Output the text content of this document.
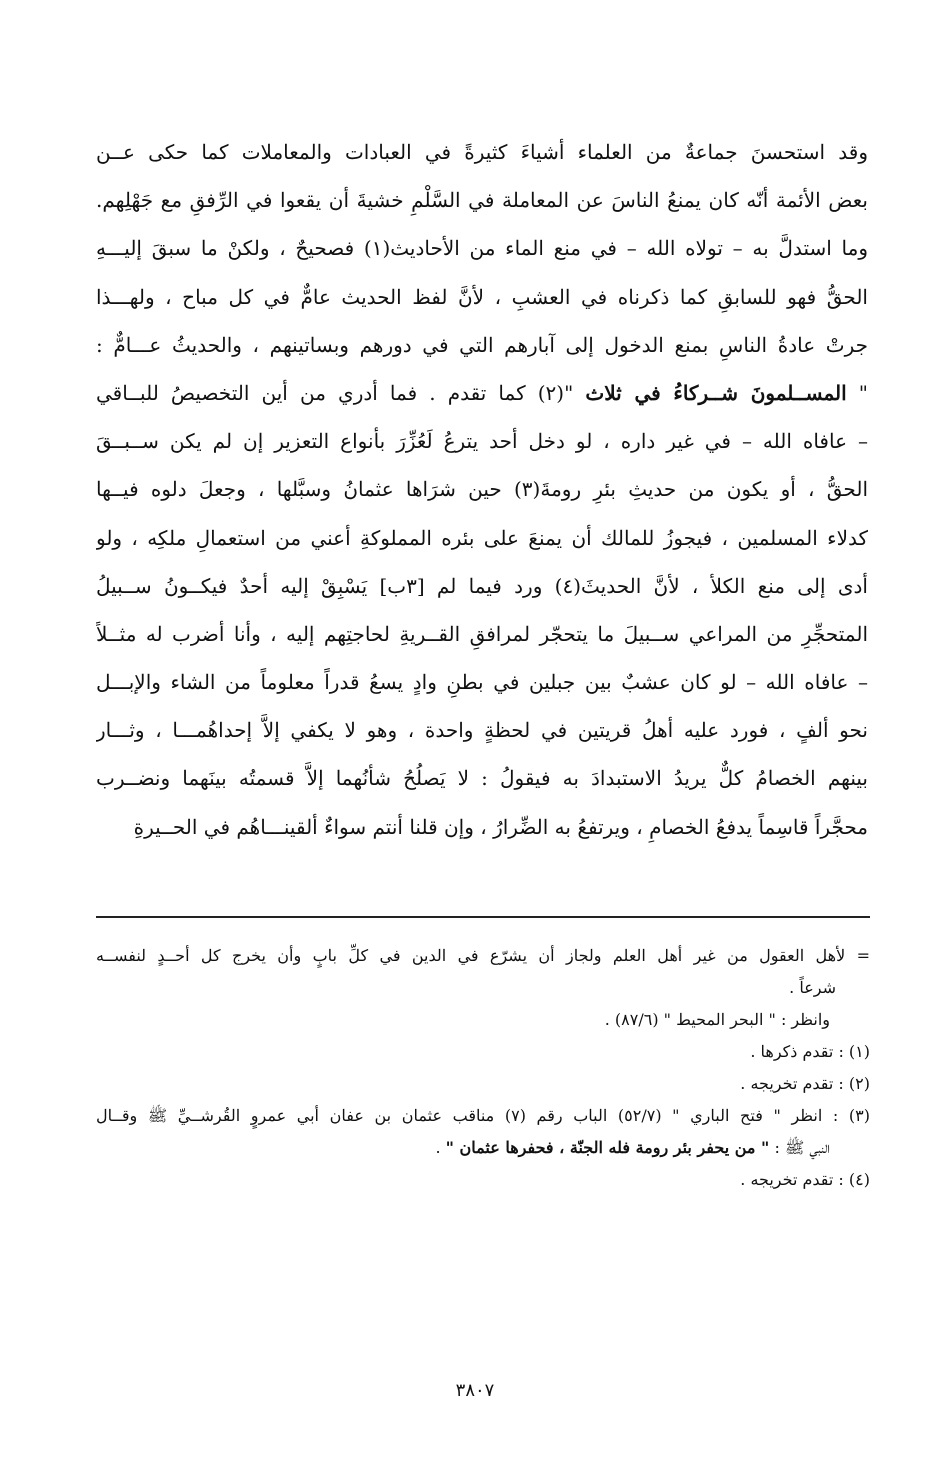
وقد استحسنَ جماعةٌ من العلماء أشياءَ كثيرةً في العبادات والمعاملات كما حكى عــن
بعض الأئمة أنّه كان يمنعُ الناسَ عن المعاملة في السَّلْمِ خشيةَ أن يقعوا في الرِّفقِ مع جَهْلِهم.
وما استدلَّ به – تولاه الله – في منع الماء من الأحاديث(١) فصحيحٌ ، ولكنْ ما سبقَ إليـــهِ
الحقُّ فهو للسابقِ كما ذكرناه في العشبِ ، لأنَّ لفظ الحديث عامٌّ في كل مباح ، ولهـــذا
جرتْ عادةُ الناسِ بمنع الدخول إلى آبارهم التي في دورهم وبساتينهم ، والحديثُ عـــامٌّ :
" المســلمونَ شــركاءُ في ثلاث "(٢) كما تقدم . فما أدري من أين التخصيصُ للبــاقي
– عافاه الله – في غير داره ، لو دخل أحد يترعُ لَعُزِّرَ بأنواع التعزير إن لم يكن ســبــقَ
الحقُّ ، أو يكون من حديثِ بئرِ رومةَ(٣) حين شرَاها عثمانُ وسبَّلها ، وجعلَ دلوه فيــها
كدلاء المسلمين ، فيجوزُ للمالك أن يمنعَ على بئره المملوكةِ أعني من استعمالِ ملكِه ، ولو
أدى إلى منع الكلأ ، لأنَّ الحديثَ(٤) ورد فيما لم [٣ب] يَسْبِقْ إليه أحدٌ فيكــونُ ســبيلُ
المتحجِّرِ من المراعي ســبيلَ ما يتحجّر لمرافقِ القــريةِ لحاجتِهم إليه ، وأنا أضرب له مثــلاً
– عافاه الله – لو كان عشبٌ بين جبلين في بطنِ وادٍ يسعُ قدراً معلوماً من الشاء والإبـــل
نحو ألفٍ ، فورد عليه أهلُ قريتين في لحظةٍ واحدة ، وهو لا يكفي إلاَّ إحداهُمـــا ، وثـــار
بينهم الخصامُ كلٌّ يريدُ الاستبدادَ به فيقولُ : لا يَصلُحُ شأنُهما إلاَّ قسمتُه بينَهما ونضــرب
محجَّراً قاسِماً يدفعُ الخصامِ ، ويرتفعُ به الضِّرارُ ، وإن قلنا أنتم سواءٌ ألقينـــاهُم في الحــيرةِ
= لأهل العقول من غير أهل العلم ولجاز أن يشرّع في الدين في كلِّ بابٍ وأن يخرج كل أحــدٍ لنفســه
شرعاً .
وانظر : " البحر المحيط " (٨٧/٦) .
(١) : تقدم ذكرها .
(٢) : تقدم تخريجه .
(٣) : انظر " فتح الباري " (٥٢/٧) الباب رقم (٧) مناقب عثمان بن عفان أبي عمروٍ القُرشــيِّ ﷺ وقــال
النبي ﷺ : " من يحفر بئر رومة فله الجنّة ، فحفرها عثمان " .
(٤) : تقدم تخريجه .
٣٨٠٧
